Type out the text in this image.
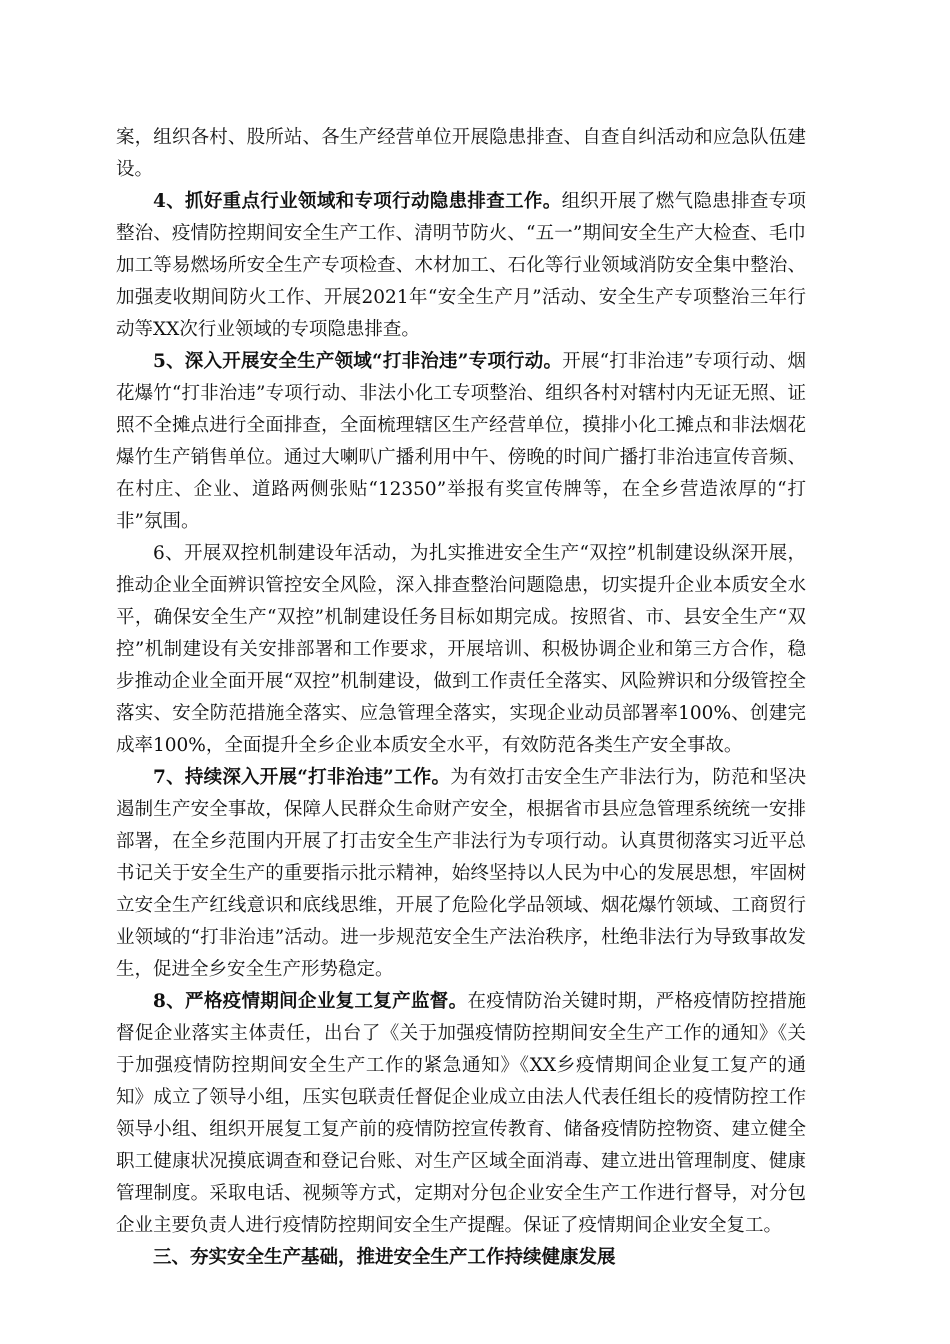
案，组织各村、股所站、各生产经营单位开展隐患排查、自查自纠活动和应急队伍建设。

4、抓好重点行业领域和专项行动隐患排查工作。组织开展了燃气隐患排查专项整治、疫情防控期间安全生产工作、清明节防火、“五一”期间安全生产大检查、毛巾加工等易燃场所安全生产专项检查、木材加工、石化等行业领域消防安全集中整治、加强麦收期间防火工作、开展2021年“安全生产月”活动、安全生产专项整治三年行动等XX次行业领域的专项隐患排查。

5、深入开展安全生产领域“打非治违”专项行动。开展“打非治违”专项行动、烟花爆竹“打非治违”专项行动、非法小化工专项整治、组织各村对辖村内无证无照、证照不全摊点进行全面排查，全面梳理辖区生产经营单位，摸排小化工摊点和非法烟花爆竹生产销售单位。通过大喇叭广播利用中午、傍晚的时间广播打非治违宣传音频、在村庄、企业、道路两侧张贴“12350”举报有奖宣传牌等，在全乡营造浓厚的“打非”氛围。

6、开展双控机制建设年活动，为扎实推进安全生产“双控”机制建设纵深开展，推动企业全面辨识管控安全风险，深入排查整治问题隐患，切实提升企业本质安全水平，确保安全生产“双控”机制建设任务目标如期完成。按照省、市、县安全生产“双控”机制建设有关安排部署和工作要求，开展培训、积极协调企业和第三方合作，稳步推动企业全面开展“双控”机制建设，做到工作责任全落实、风险辨识和分级管控全落实、安全防范措施全落实、应急管理全落实，实现企业动员部署率100%、创建完成率100%，全面提升全乡企业本质安全水平，有效防范各类生产安全事故。

7、持续深入开展“打非治违”工作。为有效打击安全生产非法行为，防范和坚决遏制生产安全事故，保障人民群众生命财产安全，根据省市县应急管理系统统一安排部署，在全乡范围内开展了打击安全生产非法行为专项行动。认真贯彻落实习近平总书记关于安全生产的重要指示批示精神，始终坚持以人民为中心的发展思想，牢固树立安全生产红线意识和底线思维，开展了危险化学品领域、烟花爆竹领域、工商贸行业领域的“打非治违”活动。进一步规范安全生产法治秩序，杜绝非法行为导致事故发生，促进全乡安全生产形势稳定。

8、严格疫情期间企业复工复产监督。在疫情防治关键时期，严格疫情防控措施督促企业落实主体责任，出台了《关于加强疫情防控期间安全生产工作的通知》《关于加强疫情防控期间安全生产工作的紧急通知》《XX乡疫情期间企业复工复产的通知》成立了领导小组，压实包联责任督促企业成立由法人代表任组长的疫情防控工作领导小组、组织开展复工复产前的疫情防控宣传教育、储备疫情防控物资、建立健全职工健康状况摸底调查和登记台账、对生产区域全面消毒、建立进出管理制度、健康管理制度。采取电话、视频等方式，定期对分包企业安全生产工作进行督导，对分包企业主要负责人进行疫情防控期间安全生产提醒。保证了疫情期间企业安全复工。

三、夯实安全生产基础，推进安全生产工作持续健康发展
